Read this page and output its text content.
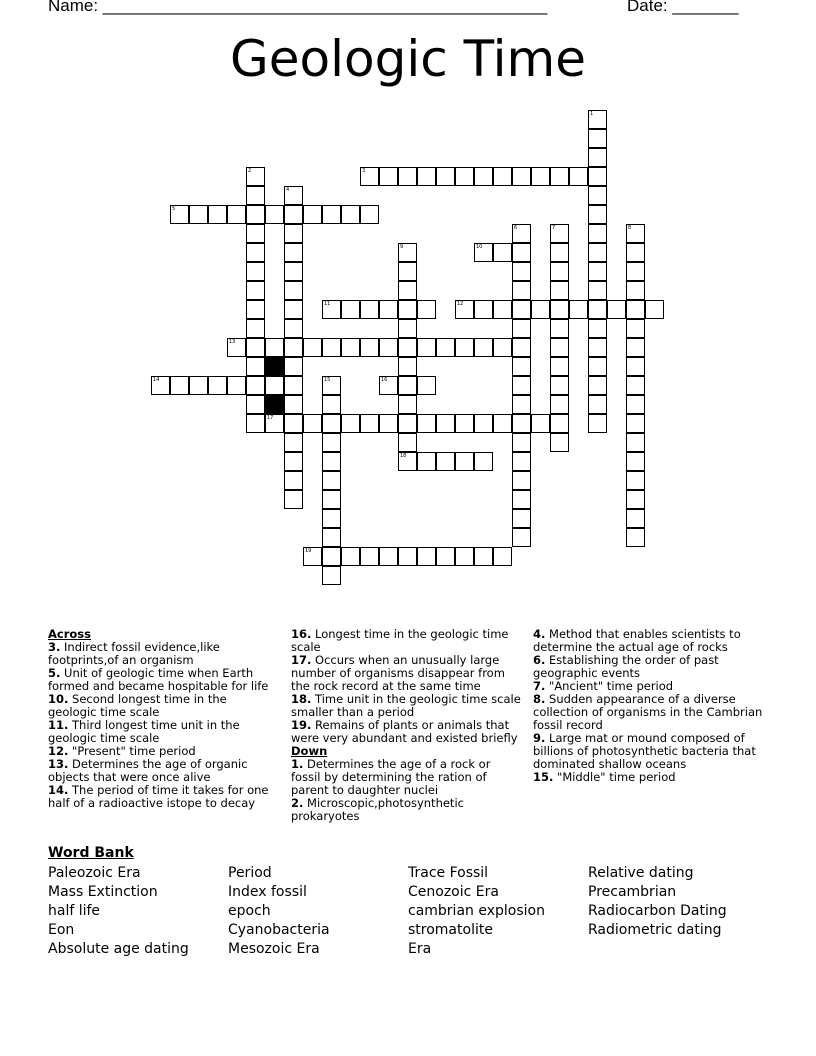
Name: _______________________________________________	Date: _______
Geologic Time
3
5
10
11	12
13
14	16
17
18
19
1
2
4
6	7	8
9
15
Across
3. Indirect fossil evidence,like footprints,of an organism
5. Unit of geologic time when Earth formed and became hospitable for life
10. Second longest time in the geologic time scale
11. Third longest time unit in the geologic time scale
12. "Present" time period
13. Determines the age of organic objects that were once alive
14. The period of time it takes for one half of a radioactive istope to decay
16. Longest time in the geologic time scale
17. Occurs when an unusually large number of organisms disappear from the rock record at the same time
18. Time unit in the geologic time scale smaller than a period
19. Remains of plants or animals that were very abundant and existed briefly
Down
1. Determines the age of a rock or fossil by determining the ration of parent to daughter nuclei
2. Microscopic,photosynthetic prokaryotes
4. Method that enables scientists to determine the actual age of rocks
6. Establishing the order of past geographic events
7. "Ancient" time period
8. Sudden appearance of a diverse collection of organisms in the Cambrian fossil record
9. Large mat or mound composed of billions of photosynthetic bacteria that dominated shallow oceans
15. "Middle" time period
Word Bank
Paleozoic Era
Mass Extinction
half life
Eon
Absolute age dating
Period
Index fossil
epoch
Cyanobacteria
Mesozoic Era
Trace Fossil
Cenozoic Era
cambrian explosion
stromatolite
Era
Relative dating
Precambrian
Radiocarbon Dating
Radiometric dating
